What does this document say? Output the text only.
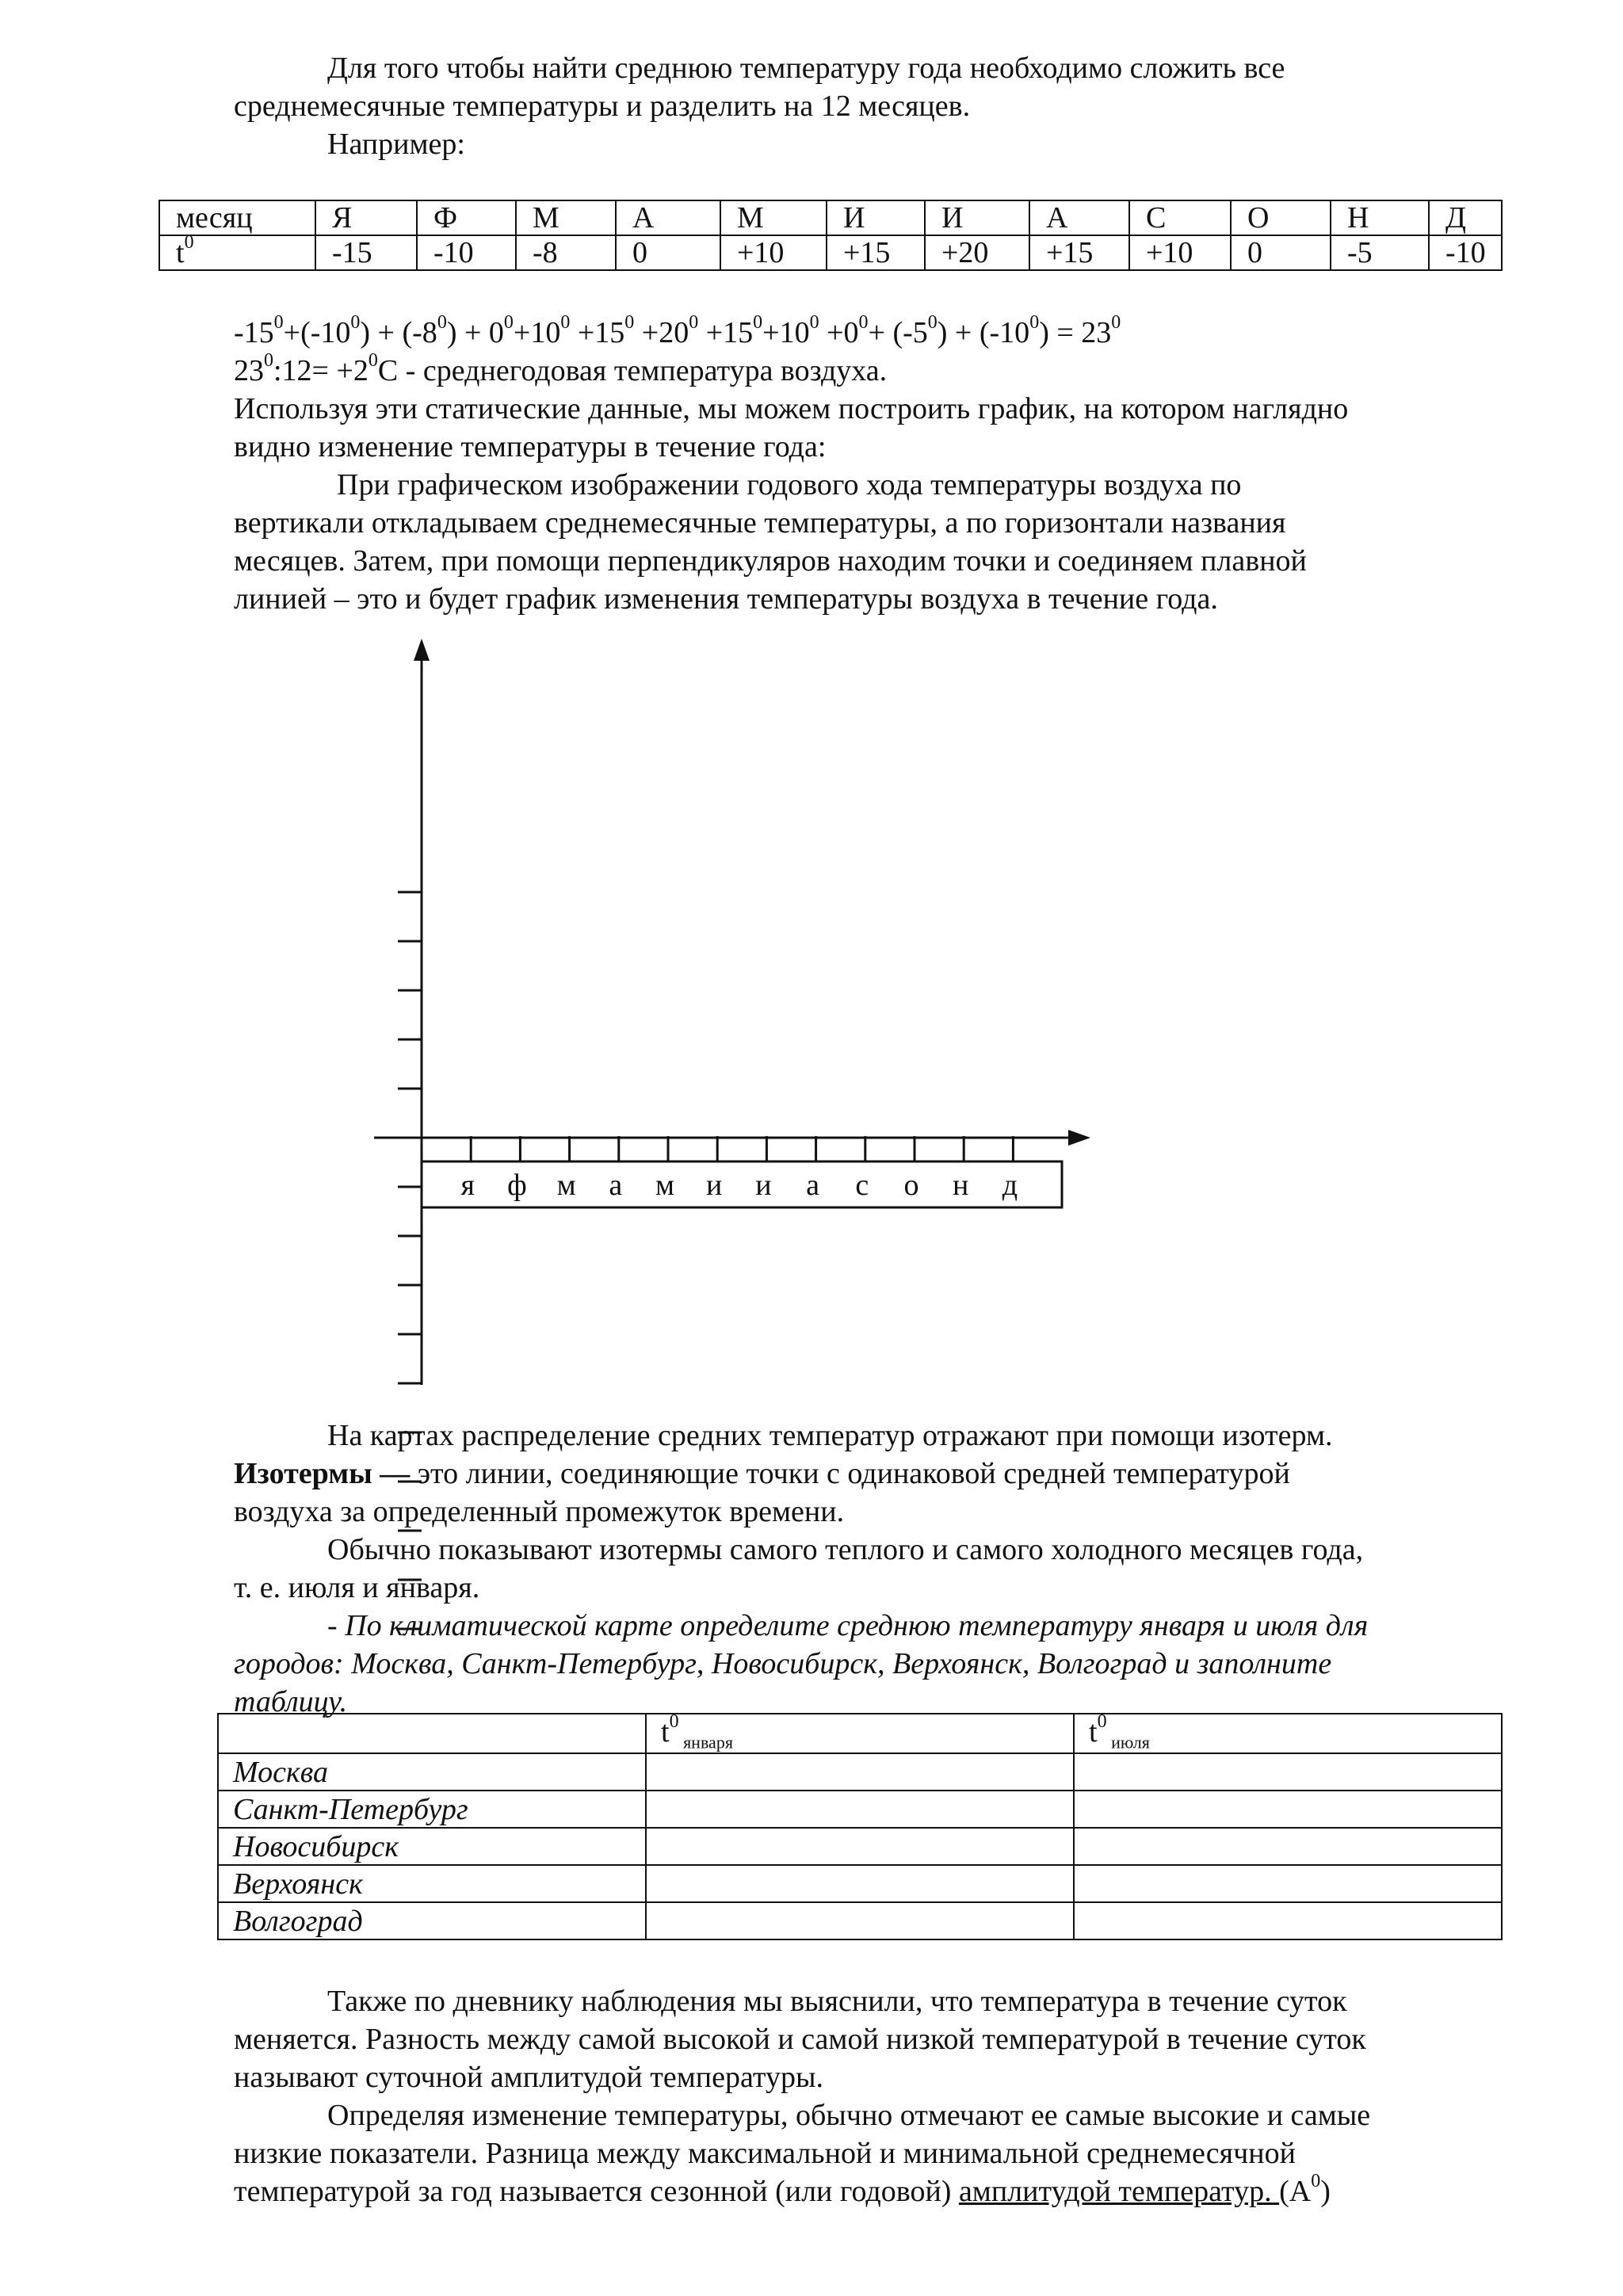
Для того чтобы найти среднюю температуру года необходимо сложить все

среднемесячные температуры и разделить на 12 месяцев.

Например:

месяц	Я	Ф	М	А	М	И	И	А	С	О	Н	Д
$t^0$	-15	-10	-8	0	+10	+15	+20	+15	+10	0	-5	-10

$-15^0+(-10^0) + (-8^0) + 0^0+10^0 +15^0 +20^0 +15^0+10^0 +0^0+ (-5^0) + (-10^0) = 23^0$

$23^0:12= +2^0C$ - среднегодовая температура воздуха.

Используя эти статические данные, мы можем построить график, на котором наглядно

видно изменение температуры в течение года:

При графическом изображении годового хода температуры воздуха по

вертикали откладываем среднемесячные температуры, а по горизонтали названия

месяцев. Затем, при помощи перпендикуляров находим точки и соединяем плавной

линией – это и будет график изменения температуры воздуха в течение года.

я ф м а м и и а с о н д

На картах распределение средних температур отражают при помощи изотерм.

Изотермы — это линии, соединяющие точки с одинаковой средней температурой

воздуха за определенный промежуток времени.

Обычно показывают изотермы самого теплого и самого холодного месяцев года,

т. е. июля и января.

- По климатической карте определите среднюю температуру января и июля для

городов: Москва, Санкт-Петербург, Новосибирск, Верхоянск, Волгоград и заполните

таблицу.

	$t^0$ $_{января}$	$t^0$ $_{июля}$
Москва		
Санкт-Петербург		
Новосибирск		
Верхоянск		
Волгоград		

Также по дневнику наблюдения мы выяснили, что температура в течение суток

меняется. Разность между самой высокой и самой низкой температурой в течение суток

называют суточной амплитудой температуры.

Определяя изменение температуры, обычно отмечают ее самые высокие и самые

низкие показатели. Разница между максимальной и минимальной среднемесячной

температурой за год называется сезонной (или годовой) амплитудой температур. $(А^0)$
